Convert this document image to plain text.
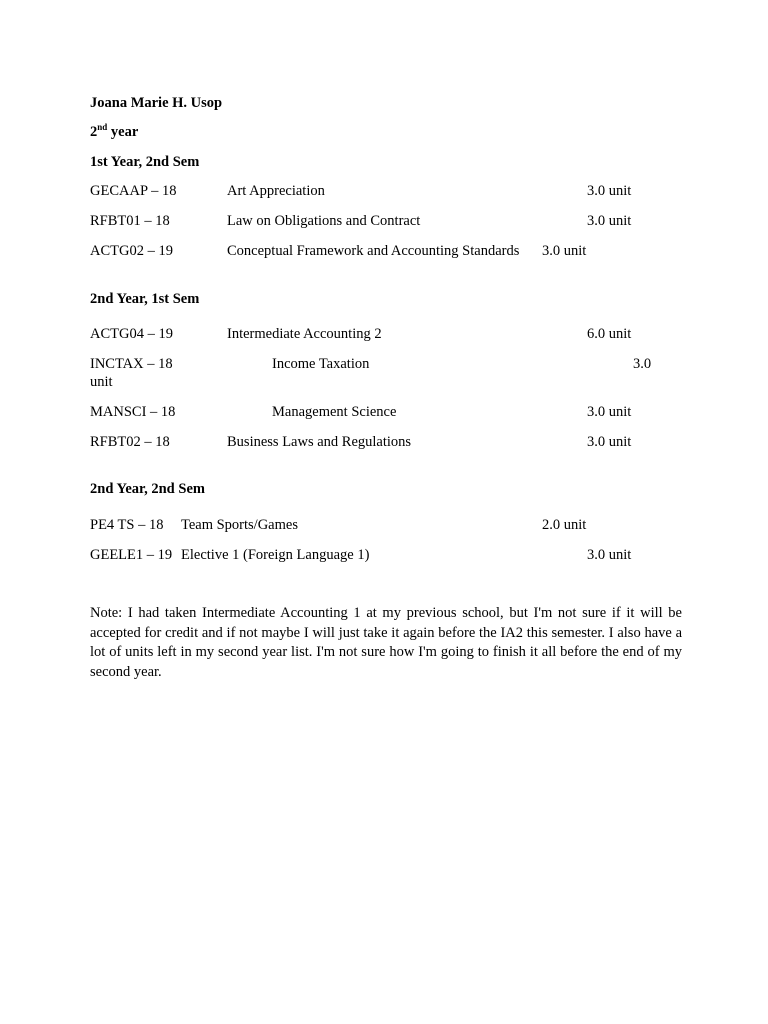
Joana Marie H. Usop
2nd year
1st Year, 2nd Sem
GECAAP – 18	Art Appreciation	3.0 unit
RFBT01 – 18	Law on Obligations and Contract	3.0 unit
ACTG02 – 19	Conceptual Framework and Accounting Standards 3.0 unit
2nd Year, 1st Sem
ACTG04 – 19	Intermediate Accounting 2	6.0 unit
INCTAX – 18	Income Taxation	3.0
unit
MANSCI – 18	Management Science	3.0 unit
RFBT02 – 18	Business Laws and Regulations	3.0 unit
2nd Year, 2nd Sem
PE4 TS – 18 Team Sports/Games	2.0 unit
GEELE1 – 19 Elective 1 (Foreign Language 1)	3.0 unit
Note: I had taken Intermediate Accounting 1 at my previous school, but I'm not sure if it will be accepted for credit and if not maybe I will just take it again before the IA2 this semester. I also have a lot of units left in my second year list. I'm not sure how I'm going to finish it all before the end of my second year.
